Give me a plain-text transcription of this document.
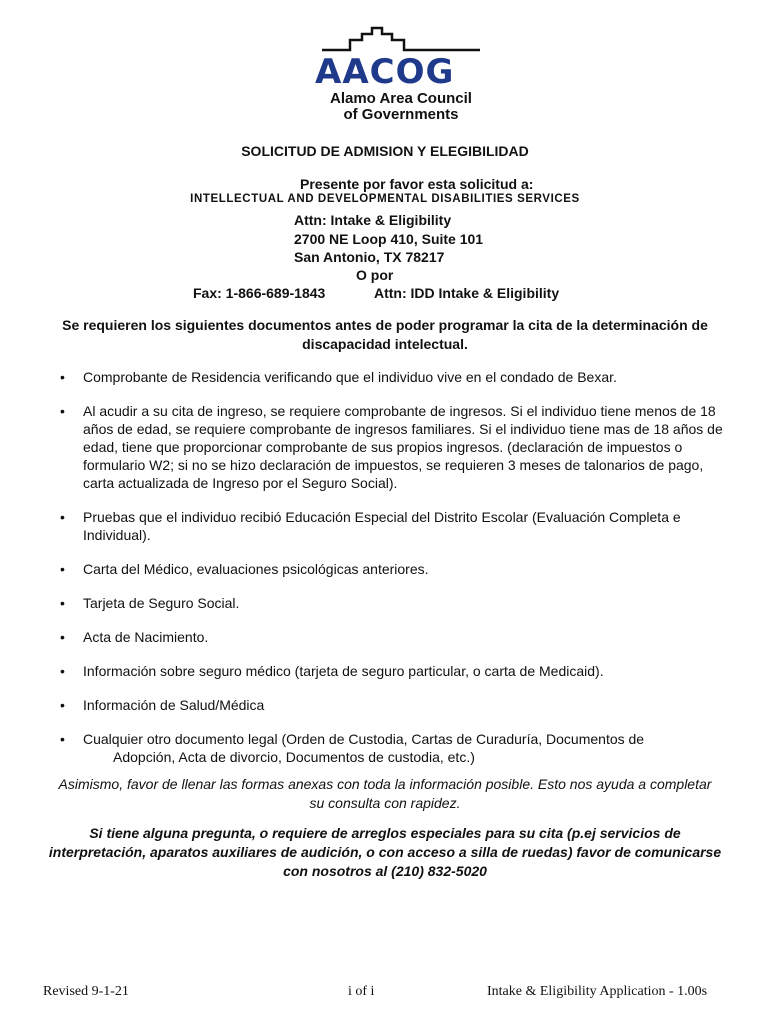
AACOG
Alamo Area Council
of Governments
SOLICITUD DE ADMISION Y ELEGIBILIDAD
Presente por favor esta solicitud a:
INTELLECTUAL AND DEVELOPMENTAL DISABILITIES SERVICES
Attn: Intake & Eligibility
2700 NE Loop 410, Suite 101
San Antonio, TX 78217
O por
Fax: 1-866-689-1843	Attn: IDD Intake & Eligibility
Se requieren los siguientes documentos antes de poder programar la cita de la determinación de discapacidad intelectual.
• Comprobante de Residencia verificando que el individuo vive en el condado de Bexar.
• Al acudir a su cita de ingreso, se requiere comprobante de ingresos. Si el individuo tiene menos de 18 años de edad, se requiere comprobante de ingresos familiares. Si el individuo tiene mas de 18 años de edad, tiene que proporcionar comprobante de sus propios ingresos. (declaración de impuestos o formulario W2; si no se hizo declaración de impuestos, se requieren 3 meses de talonarios de pago, carta actualizada de Ingreso por el Seguro Social).
• Pruebas que el individuo recibió Educación Especial del Distrito Escolar (Evaluación Completa e Individual).
• Carta del Médico, evaluaciones psicológicas anteriores.
• Tarjeta de Seguro Social.
• Acta de Nacimiento.
• Información sobre seguro médico (tarjeta de seguro particular, o carta de Medicaid).
• Información de Salud/Médica
• Cualquier otro documento legal (Orden de Custodia, Cartas de Curaduría, Documentos de
Adopción, Acta de divorcio, Documentos de custodia, etc.)
Asimismo, favor de llenar las formas anexas con toda la información posible. Esto nos ayuda a completar su consulta con rapidez.
Si tiene alguna pregunta, o requiere de arreglos especiales para su cita (p.ej servicios de interpretación, aparatos auxiliares de audición, o con acceso a silla de ruedas) favor de comunicarse con nosotros al (210) 832-5020
Revised 9-1-21	i of i	Intake & Eligibility Application - 1.00s
